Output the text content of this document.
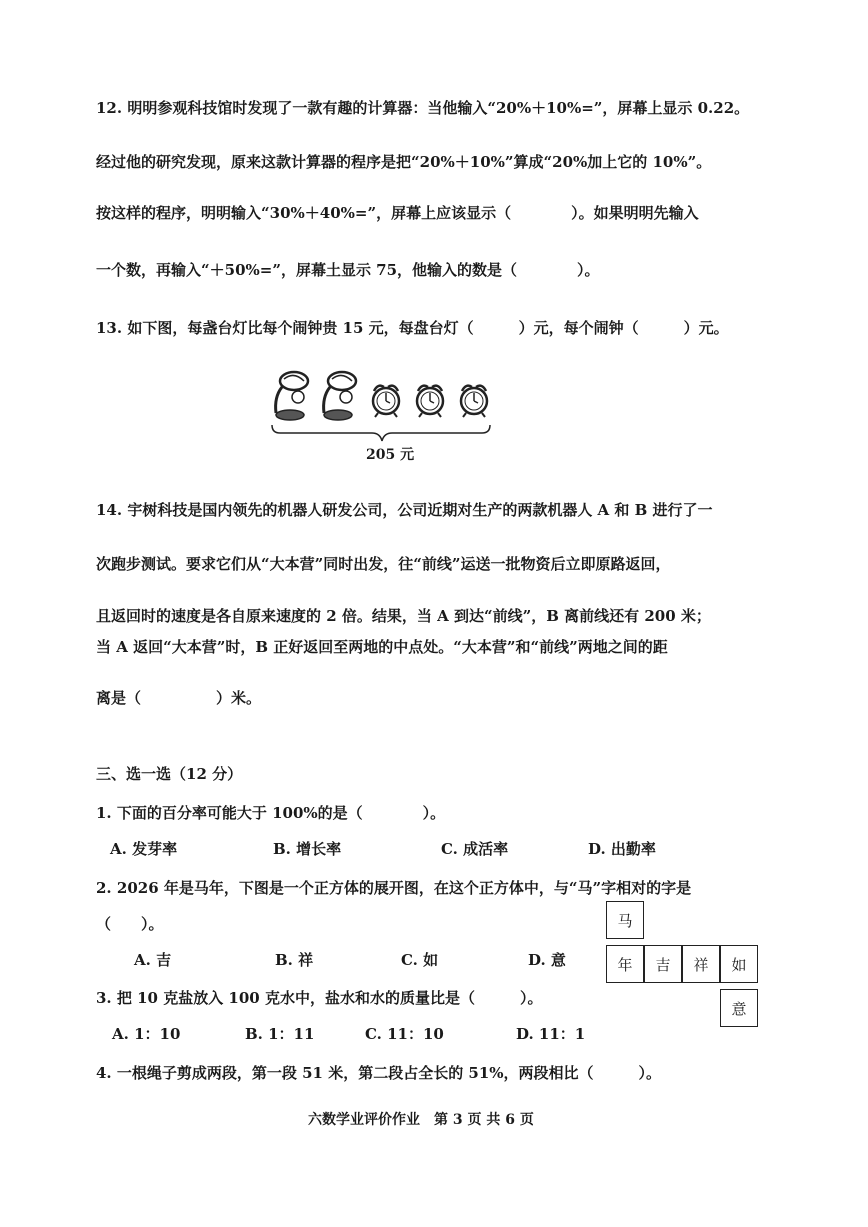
12. 明明参观科技馆时发现了一款有趣的计算器：当他输入“20%＋10%=”，屏幕上显示 0.22。
经过他的研究发现，原来这款计算器的程序是把“20%＋10%”算成“20%加上它的 10%”。
按这样的程序，明明输入“30%＋40%=”，屏幕上应该显示（　　　　）。如果明明先输入
一个数，再输入“＋50%=”，屏幕土显示 75，他输入的数是（　　　　）。
13. 如下图，每盏台灯比每个闹钟贵 15 元，每盘台灯（　　　）元，每个闹钟（　　　）元。
205 元
14. 宇树科技是国内领先的机器人研发公司，公司近期对生产的两款机器人 A 和 B 进行了一
次跑步测试。要求它们从“大本营”同时出发，往“前线”运送一批物资后立即原路返回，
且返回时的速度是各自原来速度的 2 倍。结果，当 A 到达“前线”，B 离前线还有 200 米；
当 A 返回“大本营”时，B 正好返回至两地的中点处。“大本营”和“前线”两地之间的距
离是（　　　　　）米。
三、选一选（12 分）
1. 下面的百分率可能大于 100%的是（　　　　）。
A. 发芽率	B. 增长率	C. 成活率	D. 出勤率
2. 2026 年是马年，下图是一个正方体的展开图，在这个正方体中，与“马”字相对的字是
（　　）。
A. 吉	B. 祥	C. 如	D. 意
马
年	吉	祥	如
意
3. 把 10 克盐放入 100 克水中，盐水和水的质量比是（　　　）。
A. 1：10	B. 1：11	C. 11：10	D. 11：1
4. 一根绳子剪成两段，第一段 51 米，第二段占全长的 51%，两段相比（　　　）。
六数学业评价作业　第 3 页 共 6 页
